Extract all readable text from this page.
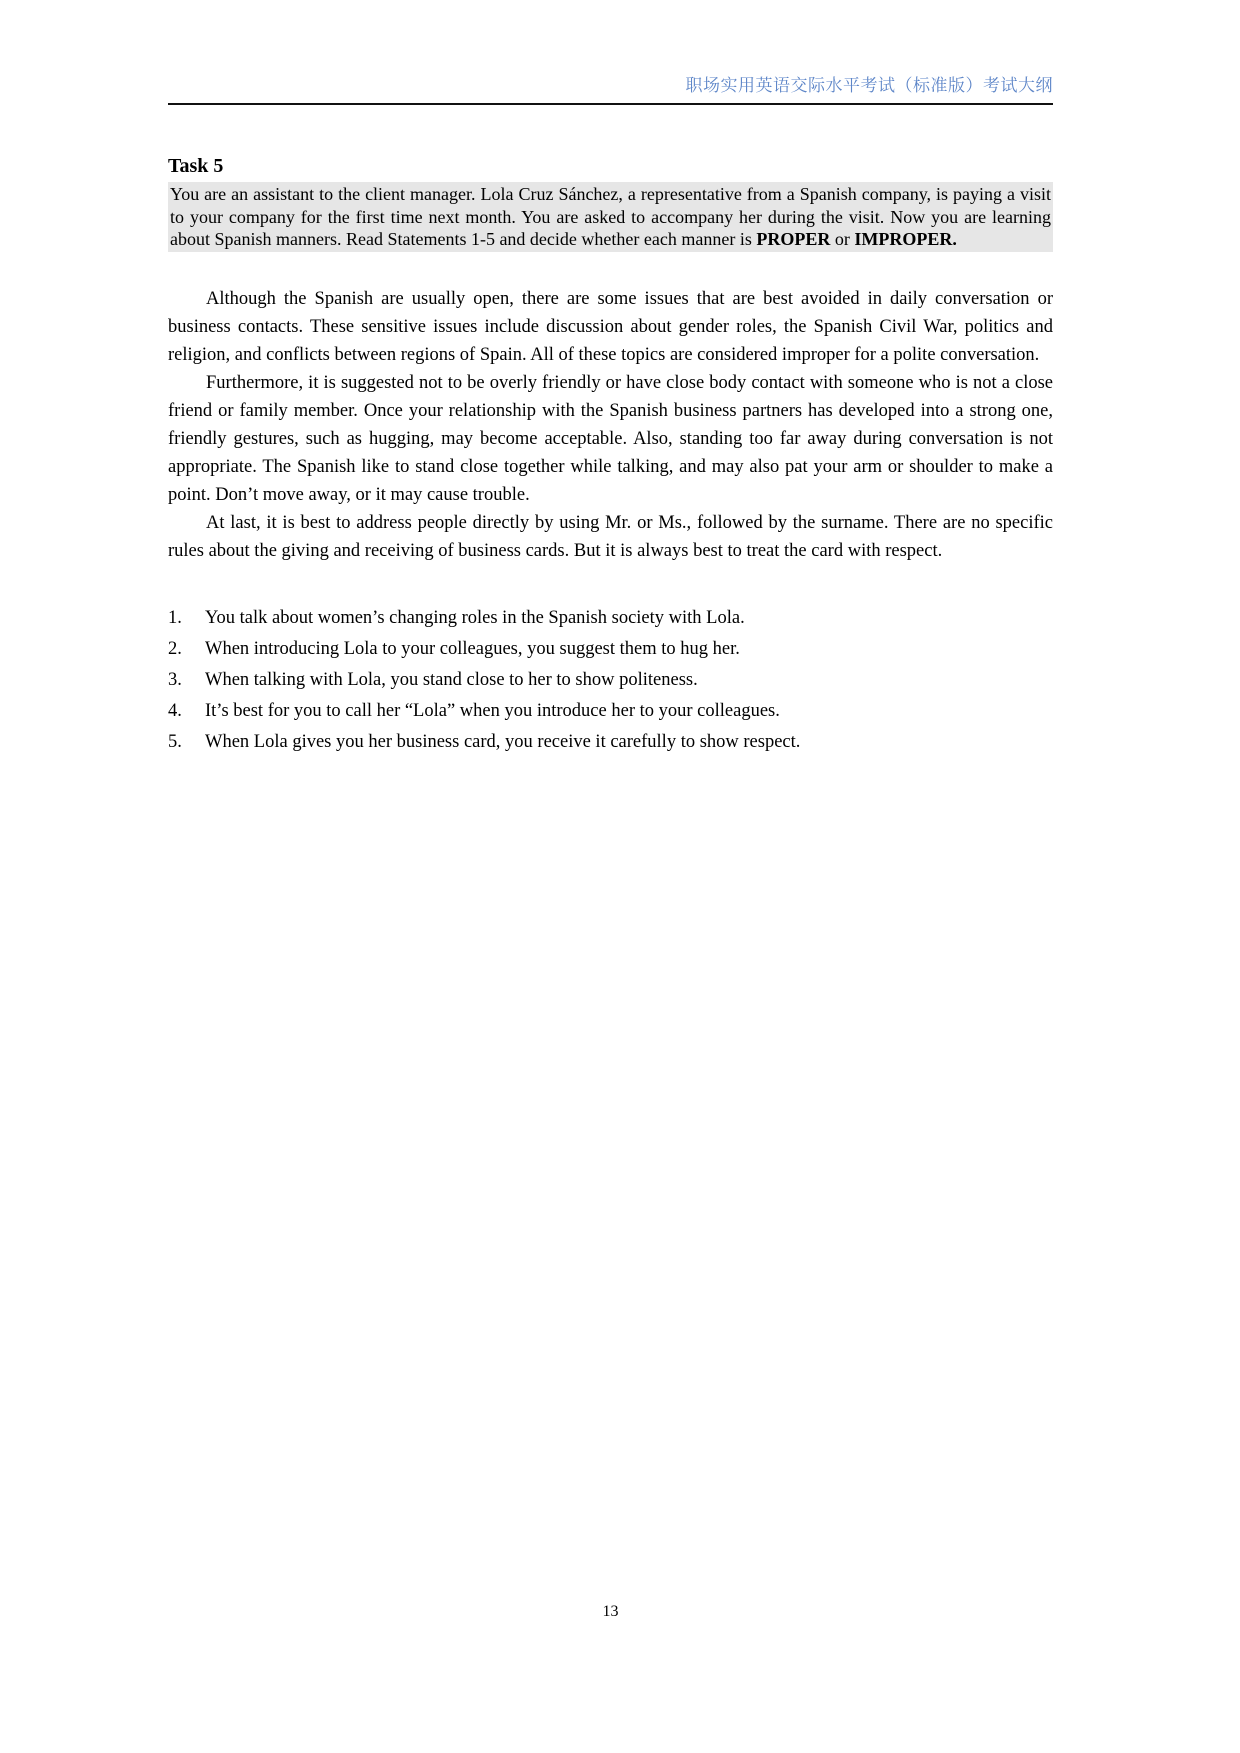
职场实用英语交际水平考试（标准版）考试大纲
Task 5
You are an assistant to the client manager. Lola Cruz Sánchez, a representative from a Spanish company, is paying a visit to your company for the first time next month. You are asked to accompany her during the visit. Now you are learning about Spanish manners. Read Statements 1-5 and decide whether each manner is PROPER or IMPROPER.

Although the Spanish are usually open, there are some issues that are best avoided in daily conversation or business contacts. These sensitive issues include discussion about gender roles, the Spanish Civil War, politics and religion, and conflicts between regions of Spain. All of these topics are considered improper for a polite conversation.

Furthermore, it is suggested not to be overly friendly or have close body contact with someone who is not a close friend or family member. Once your relationship with the Spanish business partners has developed into a strong one, friendly gestures, such as hugging, may become acceptable. Also, standing too far away during conversation is not appropriate. The Spanish like to stand close together while talking, and may also pat your arm or shoulder to make a point. Don’t move away, or it may cause trouble.

At last, it is best to address people directly by using Mr. or Ms., followed by the surname. There are no specific rules about the giving and receiving of business cards. But it is always best to treat the card with respect.

1.	You talk about women’s changing roles in the Spanish society with Lola.
2.	When introducing Lola to your colleagues, you suggest them to hug her.
3.	When talking with Lola, you stand close to her to show politeness.
4.	It’s best for you to call her “Lola” when you introduce her to your colleagues.
5.	When Lola gives you her business card, you receive it carefully to show respect.
13
